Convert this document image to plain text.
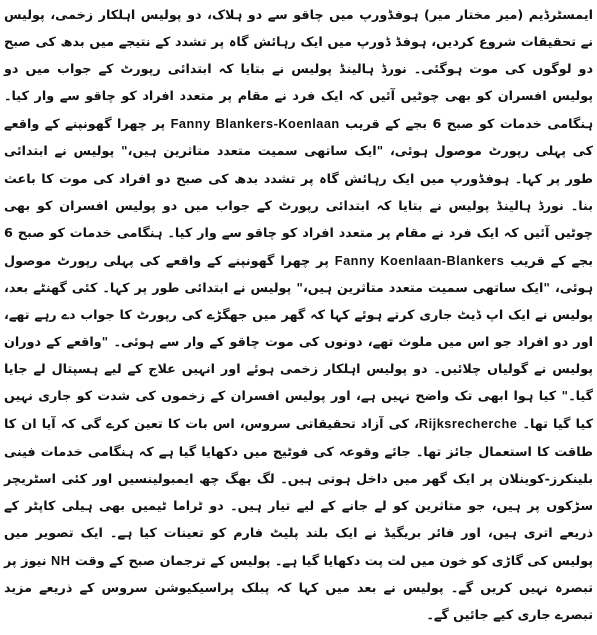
ایمسٹرڈیم (میر مختار میر) ہوفڈورپ میں چاقو سے دو ہلاک، دو پولیس اہلکار زخمی، پولیس نے تحقیقات شروع کردیں، ہوفڈ ڈورپ میں ایک رہائش گاہ پر تشدد کے نتیجے میں بدھ کی صبح دو لوگوں کی موت ہوگئی۔ نورڈ ہالینڈ پولیس نے بتایا کہ ابتدائی رپورٹ کے جواب میں دو پولیس افسران کو بھی چوٹیں آئیں کہ ایک فرد نے مقام پر متعدد افراد کو چاقو سے وار کیا۔ ہنگامی خدمات کو صبح 6 بجے کے قریب Fanny Blankers-Koenlaan پر چھرا گھونپنے کے واقعے کی پہلی رپورٹ موصول ہوئی، "ایک ساتھی سمیت متعدد متاثرین ہیں،" پولیس نے ابتدائی طور پر کہا۔ ہوفڈورپ میں ایک رہائش گاہ پر تشدد بدھ کی صبح دو افراد کی موت کا باعث بنا۔ نورڈ ہالینڈ پولیس نے بتایا کہ ابتدائی رپورٹ کے جواب میں دو پولیس افسران کو بھی چوٹیں آئیں کہ ایک فرد نے مقام پر متعدد افراد کو چاقو سے وار کیا۔ ہنگامی خدمات کو صبح 6 بجے کے قریب Fanny Koenlaan-Blankers پر چھرا گھونپنے کے واقعے کی پہلی رپورٹ موصول ہوئی، "ایک ساتھی سمیت متعدد متاثرین ہیں،" پولیس نے ابتدائی طور پر کہا۔ کئی گھنٹے بعد، پولیس نے ایک اپ ڈیٹ جاری کرتے ہوئے کہا کہ گھر میں جھگڑے کی رپورٹ کا جواب دے رہے تھے، اور دو افراد جو اس میں ملوث تھے، دونوں کی موت چاقو کے وار سے ہوئی۔ "واقعے کے دوران پولیس نے گولیاں چلائیں۔ دو پولیس اہلکار زخمی ہوئے اور انہیں علاج کے لیے ہسپتال لے جایا گیا۔" کیا ہوا ابھی تک واضح نہیں ہے، اور پولیس افسران کے زخموں کی شدت کو جاری نہیں کیا گیا تھا۔ Rijksrecherche، کی آزاد تحقیقاتی سروس، اس بات کا تعین کرے گی کہ آیا ان کا طاقت کا استعمال جائز تھا۔ جائے وقوعہ کی فوٹیج میں دکھایا گیا ہے کہ ہنگامی خدمات فینی بلینکرز-کوینلان پر ایک گھر میں داخل ہوتی ہیں۔ لگ بھگ چھ ایمبولینسیں اور کئی اسٹریچر سڑکوں پر ہیں، جو متاثرین کو لے جانے کے لیے تیار ہیں۔ دو ٹراما ٹیمیں بھی ہیلی کاپٹر کے ذریعے اتری ہیں، اور فائر بریگیڈ نے ایک بلند پلیٹ فارم کو تعینات کیا ہے۔ ایک تصویر میں پولیس کی گاڑی کو خون میں لت پت دکھایا گیا ہے۔ پولیس کے ترجمان صبح کے وقت NH نیوز پر تبصرہ نہیں کریں گے۔ پولیس نے بعد میں کہا کہ پبلک پراسیکیوشن سروس کے ذریعے مزید تبصرے جاری کیے جائیں گے۔
